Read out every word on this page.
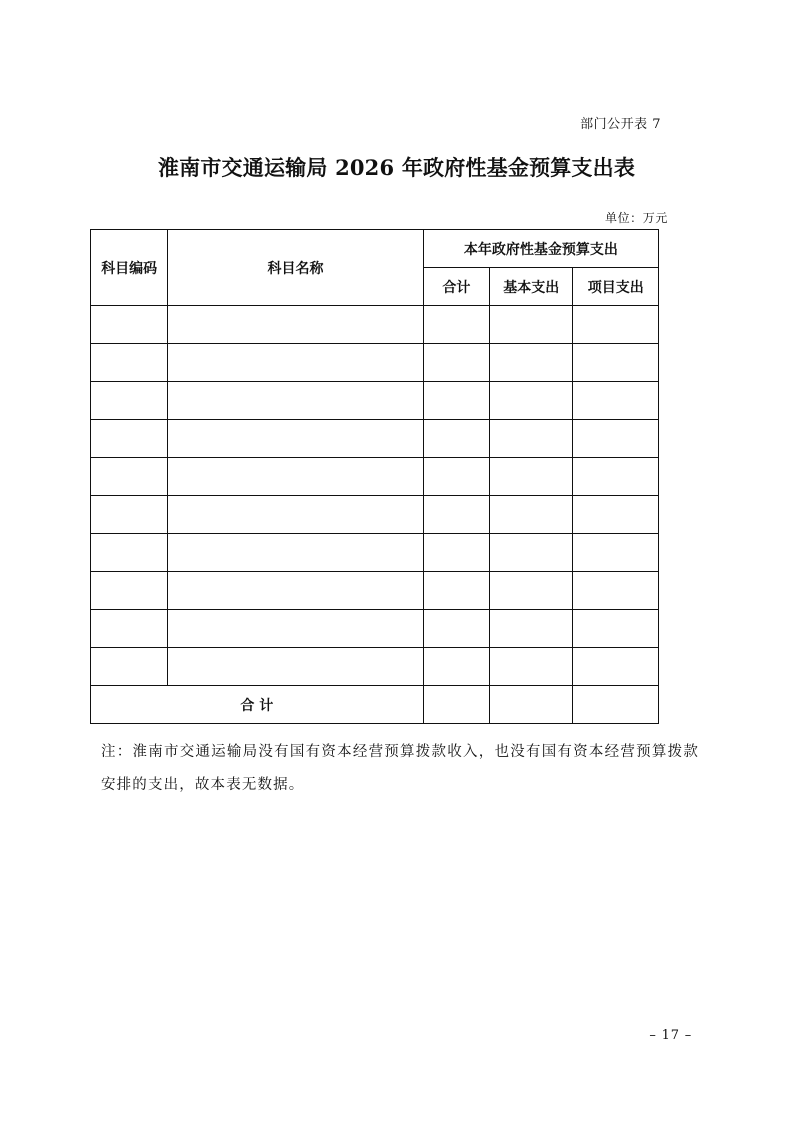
部门公开表 7
淮南市交通运输局 2026 年政府性基金预算支出表
单位：万元
科目编码	科目名称	本年政府性基金预算支出		
		合计	基本支出	项目支出

合 计				
注：淮南市交通运输局没有国有资本经营预算拨款收入，也没有国有资本经营预算拨款安排的支出，故本表无数据。
– 17 –
